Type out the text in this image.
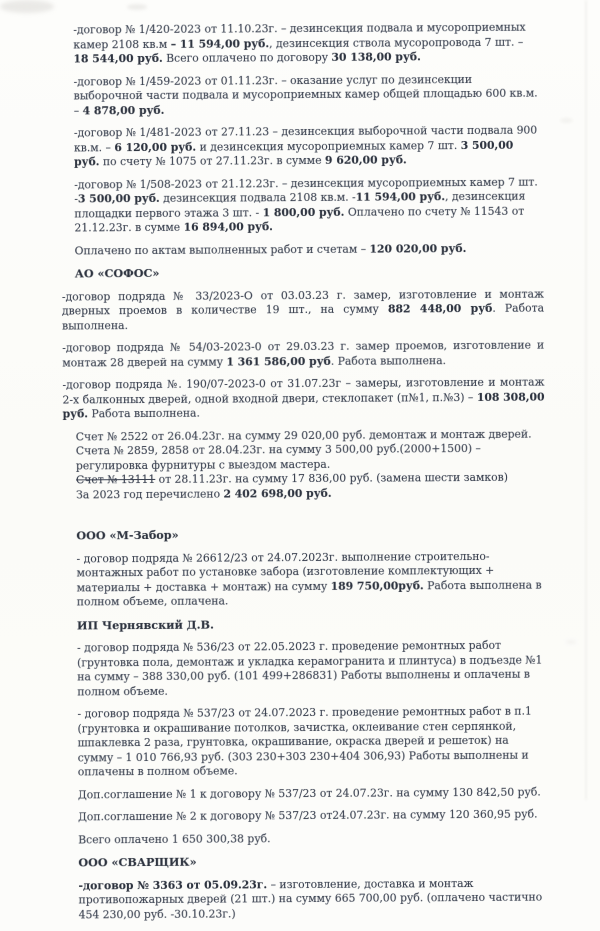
-договор № 1/420-2023 от 11.10.23г. – дезинсекция подвала и мусороприемных камер 2108 кв.м – 11 594,00 руб., дезинсекция ствола мусоропровода 7 шт. – 18 544,00 руб. Всего оплачено по договору 30 138,00 руб.

-договор № 1/459-2023 от 01.11.23г. – оказание услуг по дезинсекции выборочной части подвала и мусороприемных камер общей площадью 600 кв.м. – 4 878,00 руб.

-договор № 1/481-2023 от 27.11.23 – дезинсекция выборочной части подвала 900 кв.м. – 6 120,00 руб. и дезинсекция мусороприемных камер 7 шт. 3 500,00 руб. по счету № 1075 от 27.11.23г. в сумме 9 620,00 руб.

-договор № 1/508-2023 от 21.12.23г. – дезинсекция мусороприемных камер 7 шт. -3 500,00 руб. дезинсекция подвала 2108 кв.м. -11 594,00 руб., дезинсекция площадки первого этажа 3 шт. - 1 800,00 руб. Оплачено по счету № 11543 от 21.12.23г. в сумме 16 894,00 руб.

Оплачено по актам выполненных работ и счетам – 120 020,00 руб.

АО «СОФОС»

-договор подряда № 33/2023-О от 03.03.23 г. замер, изготовление и монтаж дверных проемов в количестве 19 шт., на сумму 882 448,00 руб. Работа выполнена.

-договор подряда № 54/03-2023-0 от 29.03.23 г. замер проемов, изготовление и монтаж 28 дверей на сумму 1 361 586,00 руб. Работа выполнена.

-договор подряда №. 190/07-2023-0 от 31.07.23г – замеры, изготовление и монтаж 2-х балконных дверей, одной входной двери, стеклопакет (п№1, п.№3) – 108 308,00 руб. Работа выполнена.

Счет № 2522 от 26.04.23г. на сумму 29 020,00 руб. демонтаж и монтаж дверей.

Счета № 2859, 2858 от 28.04.23г. на сумму 3 500,00 руб.(2000+1500) – регулировка фурнитуры с выездом мастера.

Счет № 13111 от 28.11.23г. на сумму 17 836,00 руб. (замена шести замков)

За 2023 год перечислено 2 402 698,00 руб.

ООО «М-Забор»

- договор подряда № 26612/23 от 24.07.2023г. выполнение строительно-монтажных работ по установке забора (изготовление комплектующих + материалы + доставка + монтаж) на сумму 189 750,00руб. Работа выполнена в полном объеме, оплачена.

ИП Чернявский Д.В.

- договор подряда № 536/23 от 22.05.2023 г. проведение ремонтных работ (грунтовка пола, демонтаж и укладка керамогранита и плинтуса) в подъезде №1 на сумму – 388 330,00 руб. (101 499+286831) Работы выполнены и оплачены в полном объеме.

- договор подряда № 537/23 от 24.07.2023 г. проведение ремонтных работ в п.1 (грунтовка и окрашивание потолков, зачистка, оклеивание стен серпянкой, шпаклевка 2 раза, грунтовка, окрашивание, окраска дверей и решеток) на сумму – 1 010 766,93 руб. (303 230+303 230+404 306,93) Работы выполнены и оплачены в полном объеме.

Доп.соглашение № 1 к договору № 537/23 от 24.07.23г. на сумму 130 842,50 руб.

Доп.соглашение № 2 к договору № 537/23 от24.07.23г. на сумму 120 360,95 руб.

Всего оплачено 1 650 300,38 руб.

ООО «СВАРЩИК»

-договор № 3363 от 05.09.23г. – изготовление, доставка и монтаж противопожарных дверей (21 шт.) на сумму 665 700,00 руб. (оплачено частично 454 230,00 руб. -30.10.23г.)
